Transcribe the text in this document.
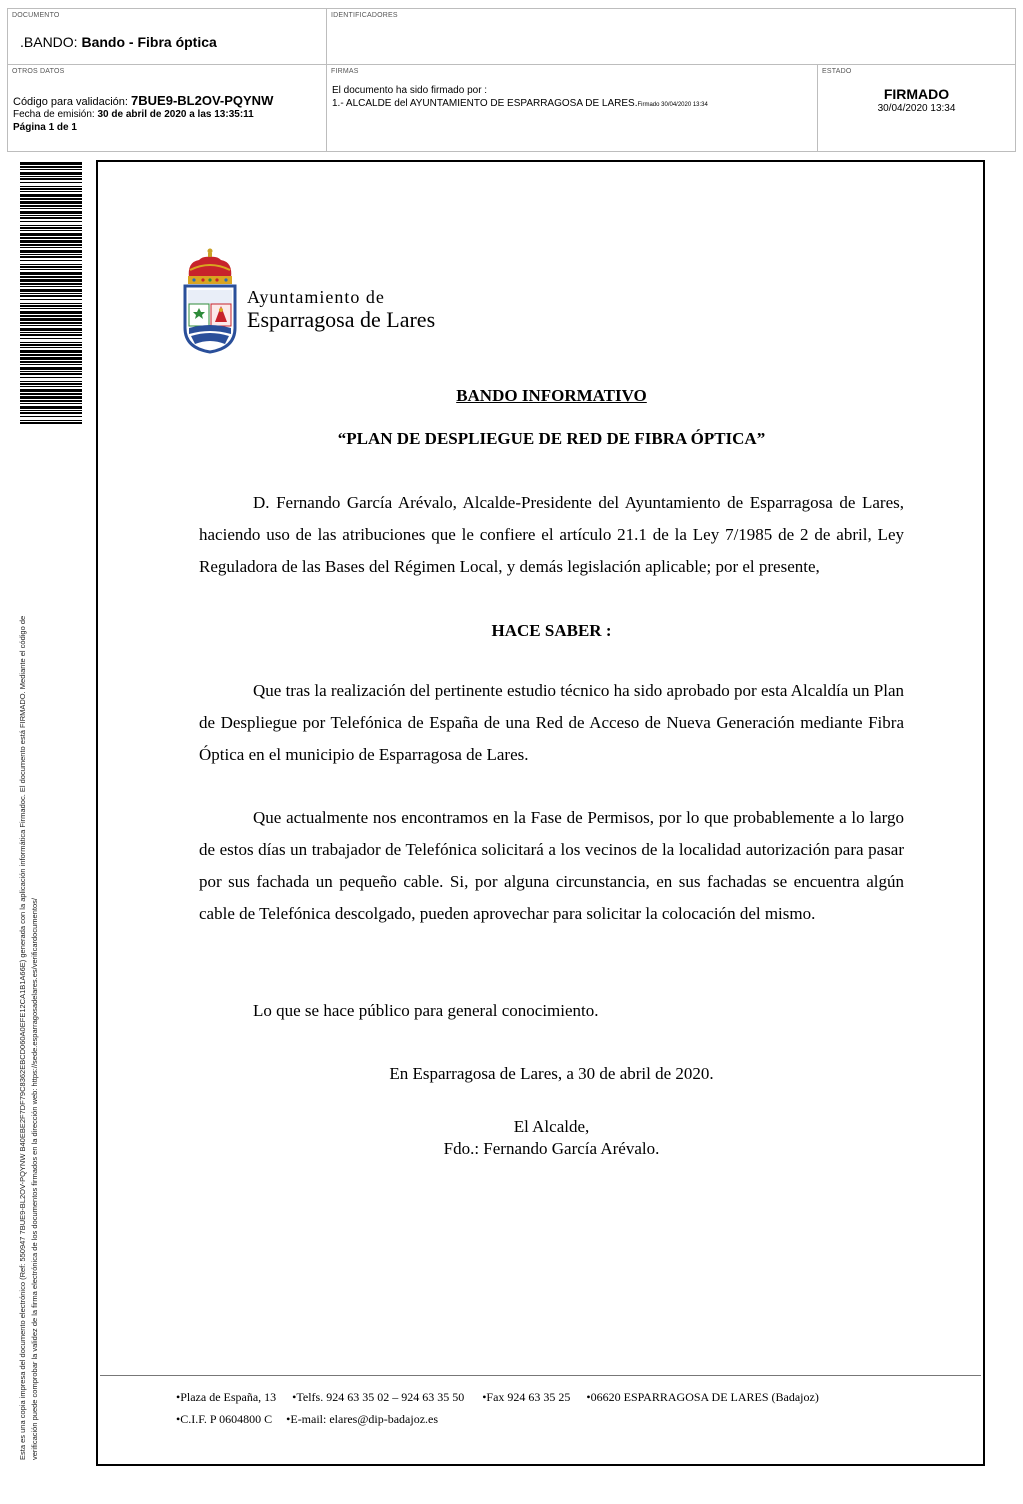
DOCUMENTO
.BANDO: Bando - Fibra óptica
IDENTIFICADORES
OTROS DATOS
Código para validación: 7BUE9-BL2OV-PQYNW
Fecha de emisión: 30 de abril de 2020 a las 13:35:11
Página 1 de 1
FIRMAS
El documento ha sido firmado por :
1.- ALCALDE del AYUNTAMIENTO DE ESPARRAGOSA DE LARES.Firmado 30/04/2020 13:34
ESTADO
FIRMADO
30/04/2020 13:34
Esta es una copia impresa del documento electrónico (Ref: 550947 7BUE9-BL2OV-PQYNW B40EBE2F7DF79C8362EBCD060A0EFE12CA1B1A66E) generada con la aplicación informática Firmadoc. El documento está FIRMADO. Mediante el código de verificación puede comprobar la validez de la firma electrónica de los documentos firmados en la dirección web: https://sede.esparragosadelares.es/verificardocumentos/
Ayuntamiento de
Esparragosa de Lares
BANDO INFORMATIVO
“PLAN DE DESPLIEGUE DE RED DE FIBRA ÓPTICA”
D. Fernando García Arévalo, Alcalde-Presidente del Ayuntamiento de Esparragosa de Lares, haciendo uso de las atribuciones que le confiere el artículo 21.1 de la Ley 7/1985 de 2 de abril, Ley Reguladora de las Bases del Régimen Local, y demás legislación aplicable; por el presente,
HACE SABER :
Que tras la realización del pertinente estudio técnico ha sido aprobado por esta Alcaldía un Plan de Despliegue por Telefónica de España de una Red de Acceso de Nueva Generación mediante Fibra Óptica en el municipio de Esparragosa de Lares.
Que actualmente nos encontramos en la Fase de Permisos, por lo que probablemente a lo largo de estos días un trabajador de Telefónica solicitará a los vecinos de la localidad autorización para pasar por sus fachada un pequeño cable. Si, por alguna circunstancia, en sus fachadas se encuentra algún cable de Telefónica descolgado, pueden aprovechar para solicitar la colocación del mismo.
Lo que se hace público para general conocimiento.
En Esparragosa de Lares, a 30 de abril de 2020.
El Alcalde,
Fdo.: Fernando García Arévalo.
•Plaza de España, 13 •Telfs. 924 63 35 02 – 924 63 35 50 •Fax 924 63 35 25 •06620 ESPARRAGOSA DE LARES (Badajoz)
•C.I.F. P 0604800 C •E-mail: elares@dip-badajoz.es
